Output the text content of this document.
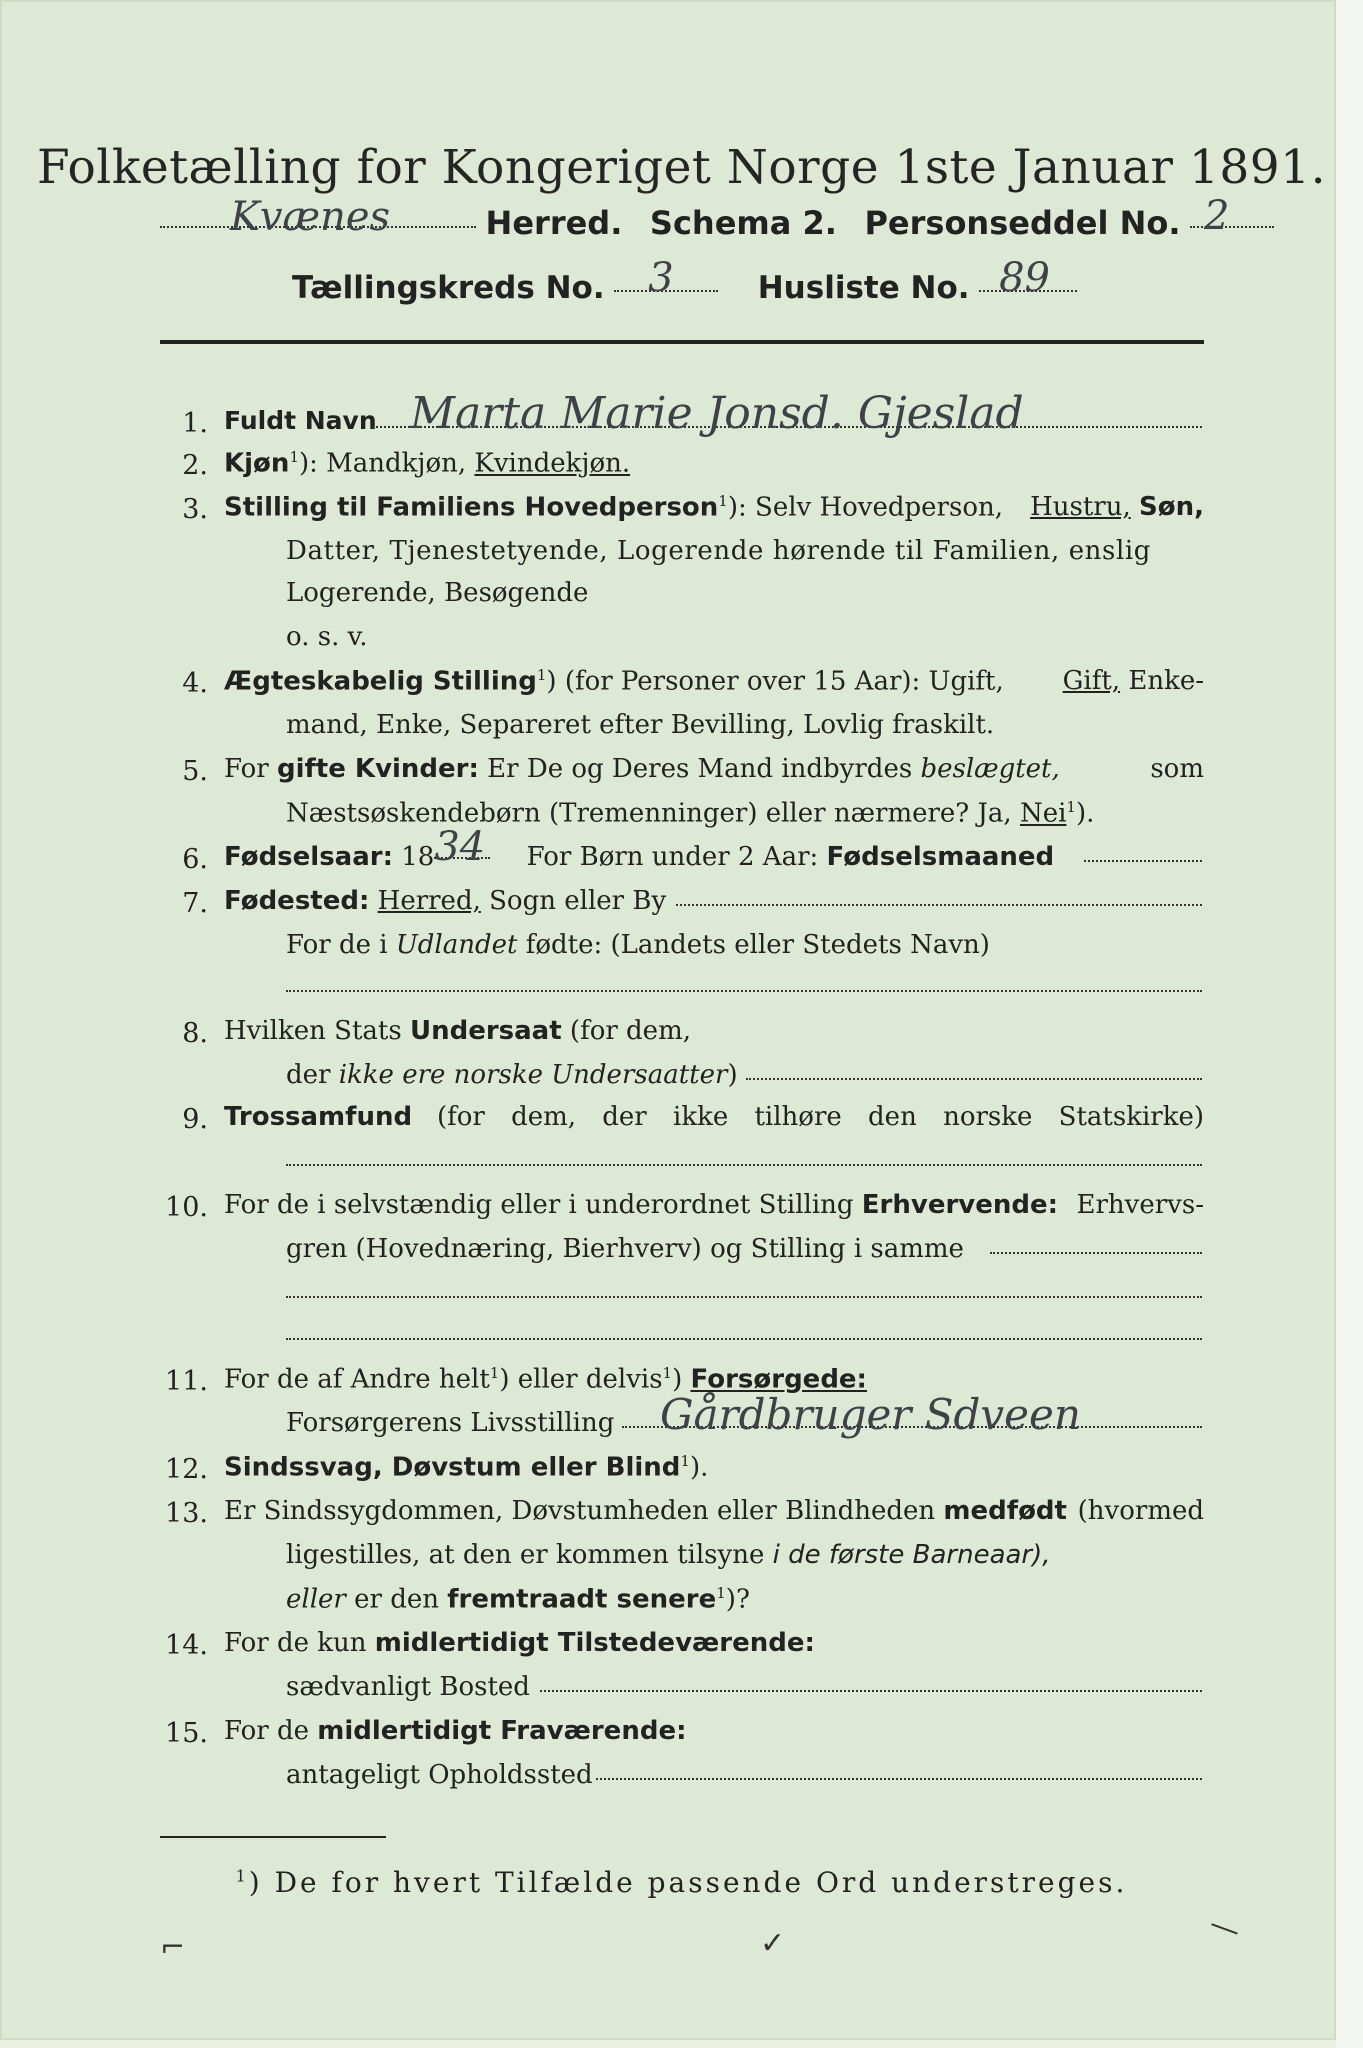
Folketælling for Kongeriget Norge 1ste Januar 1891.
Kvænes	Herred. Schema 2. Personseddel No. 2
Tællingskreds No. 3	Husliste No. 89
1. Fuldt Navn Marta Marie Jonsd. Gjeslad
2. Kjøn$^1$): Mandkjøn, Kvindekjøn.
3. Stilling til Familiens Hovedperson$^1$): Selv Hovedperson, Hustru, Søn,
Datter, Tjenestetyende, Logerende hørende til Familien, enslig
Logerende, Besøgende
o. s. v.
4. Ægteskabelig Stilling$^1$) (for Personer over 15 Aar): Ugift, Gift, Enke-
mand, Enke, Separeret efter Bevilling, Lovlig fraskilt.
5. For gifte Kvinder: Er De og Deres Mand indbyrdes beslægtet,	som
Næstsøskendebørn (Tremenninger) eller nærmere? Ja, Nei$^1$).
6. Fødselsaar: 18 34 For Børn under 2 Aar: Fødselsmaaned
7. Fødested: Herred, Sogn eller By
For de i Udlandet fødte: (Landets eller Stedets Navn)
8. Hvilken Stats Undersaat (for dem,
der ikke ere norske Undersaatter)
9. Trossamfund (for dem, der ikke tilhøre den norske Statskirke)
10. For de i selvstændig eller i underordnet Stilling Erhvervende: Erhvervs-
gren (Hovednæring, Bierhverv) og Stilling i samme
11. For de af Andre helt$^1$) eller delvis$^1$) Forsørgede:
Forsørgerens Livsstilling Gårdbruger Sdveen
12. Sindssvag, Døvstum eller Blind$^1$).
13. Er Sindssygdommen, Døvstumheden eller Blindheden medfødt (hvormed
ligestilles, at den er kommen tilsyne i de første Barneaar),
eller er den fremtraadt senere$^1$)?
14. For de kun midlertidigt Tilstedeværende:
sædvanligt Bosted
15. For de midlertidigt Fraværende:
antageligt Opholdssted
$^1$) De for hvert Tilfælde passende Ord understreges.
⌐	✓	—
